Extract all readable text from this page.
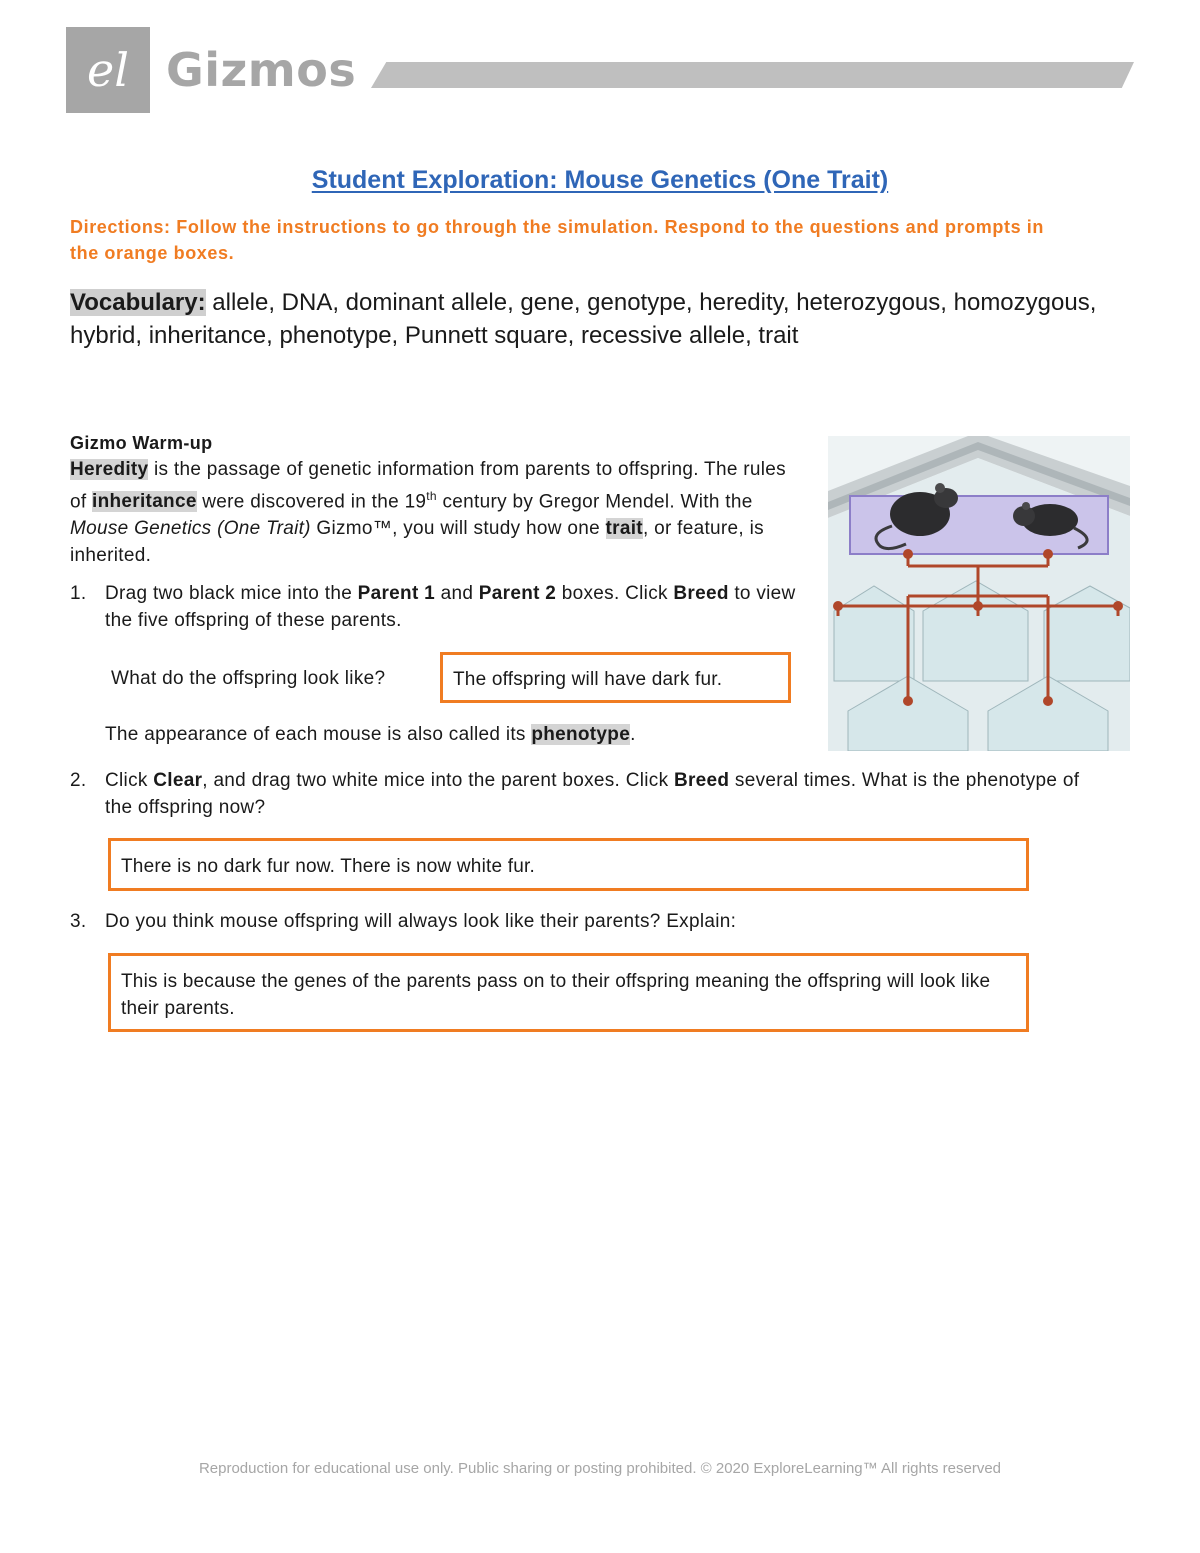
el Gizmos
Student Exploration: Mouse Genetics (One Trait)
Directions: Follow the instructions to go through the simulation. Respond to the questions and prompts in the orange boxes.
Vocabulary: allele, DNA, dominant allele, gene, genotype, heredity, heterozygous, homozygous, hybrid, inheritance, phenotype, Punnett square, recessive allele, trait
Gizmo Warm-up
Heredity is the passage of genetic information from parents to offspring. The rules of inheritance were discovered in the 19th century by Gregor Mendel. With the Mouse Genetics (One Trait) Gizmo™, you will study how one trait, or feature, is inherited.
1. Drag two black mice into the Parent 1 and Parent 2 boxes. Click Breed to view the five offspring of these parents.
What do the offspring look like?	The offspring will have dark fur.
The appearance of each mouse is also called its phenotype.
2. Click Clear, and drag two white mice into the parent boxes. Click Breed several times. What is the phenotype of the offspring now?
There is no dark fur now. There is now white fur.
3. Do you think mouse offspring will always look like their parents? Explain:
This is because the genes of the parents pass on to their offspring meaning the offspring will look like their parents.
Reproduction for educational use only. Public sharing or posting prohibited. © 2020 ExploreLearning™ All rights reserved
